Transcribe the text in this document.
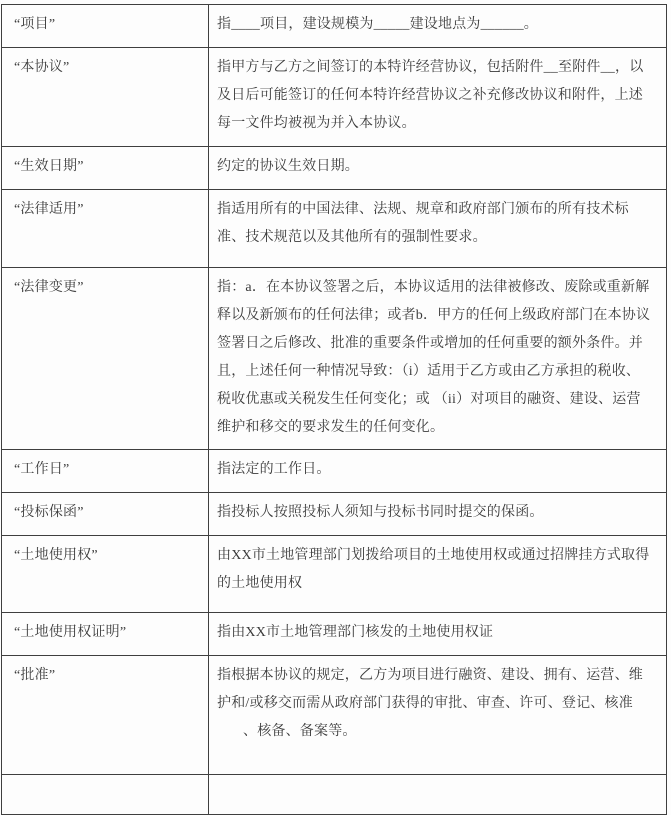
“项目”	指____项目，建设规模为_____建设地点为______。
“本协议”	指甲方与乙方之间签订的本特许经营协议，包括附件__至附件__，以及日后可能签订的任何本特许经营协议之补充修改协议和附件，上述每一文件均被视为并入本协议。
“生效日期”	约定的协议生效日期。
“法律适用”	指适用所有的中国法律、法规、规章和政府部门颁布的所有技术标准、技术规范以及其他所有的强制性要求。
“法律变更”	指：a．在本协议签署之后，本协议适用的法律被修改、废除或重新解释以及新颁布的任何法律；或者b．甲方的任何上级政府部门在本协议签署日之后修改、批准的重要条件或增加的任何重要的额外条件。并且，上述任何一种情况导致：（i）适用于乙方或由乙方承担的税收、税收优惠或关税发生任何变化；或 （ii）对项目的融资、建设、运营维护和移交的要求发生的任何变化。
“工作日”	指法定的工作日。
“投标保函”	指投标人按照投标人须知与投标书同时提交的保函。
“土地使用权”	由XX市土地管理部门划拨给项目的土地使用权或通过招牌挂方式取得的土地使用权
“土地使用权证明”	指由XX市土地管理部门核发的土地使用权证
“批准”	指根据本协议的规定，乙方为项目进行融资、建设、拥有、运营、维护和/或移交而需从政府部门获得的审批、审查、许可、登记、核准
、核备、备案等。
